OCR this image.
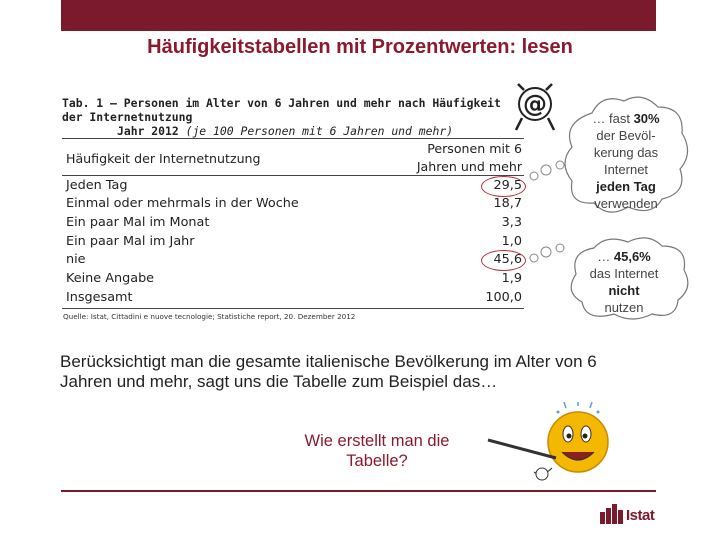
Häufigkeitstabellen mit Prozentwerten: lesen
Tab. 1 – Personen im Alter von 6 Jahren und mehr nach Häufigkeit der Internetnutzung
Jahr 2012 (je 100 Personen mit 6 Jahren und mehr)
@
Häufigkeit der Internetnutzung
Personen mit 6
Jahren und mehr
Jeden Tag	29,5
Einmal oder mehrmals in der Woche	18,7
Ein paar Mal im Monat	3,3
Ein paar Mal im Jahr	1,0
nie	45,6
Keine Angabe	1,9
Insgesamt	100,0
… fast 30%
der Bevöl-kerung das Internet
jeden Tag
verwenden
… 45,6%
das Internet
nicht
nutzen
Quelle: Istat, Cittadini e nuove tecnologie; Statistiche report, 20. Dezember 2012
Berücksichtigt man die gesamte italienische Bevölkerung im Alter von 6 Jahren und mehr, sagt uns die Tabelle zum Beispiel das…
Wie erstellt man die Tabelle?
Istat
